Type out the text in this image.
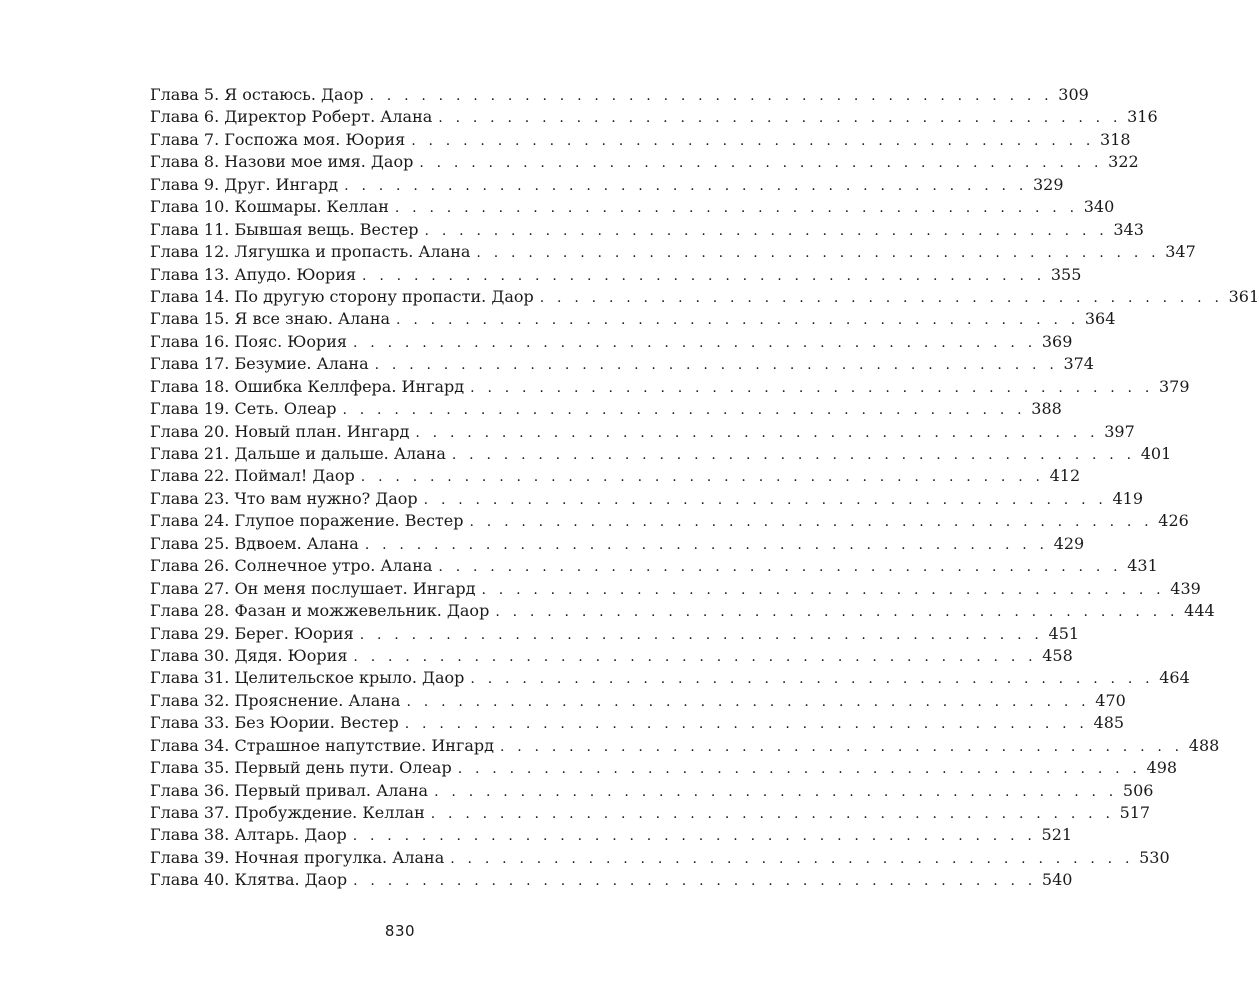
Глава 5. Я остаюсь. Даор . . . . . . . . . . . . . . . . . . . . . . . . . . . . . . . . . . . . . . . . 309
Глава 6. Директор Роберт. Алана . . . . . . . . . . . . . . . . . . . . . . . . . . . . . . . . . . . . . . . . 316
Глава 7. Госпожа моя. Юория . . . . . . . . . . . . . . . . . . . . . . . . . . . . . . . . . . . . . . . . 318
Глава 8. Назови мое имя. Даор . . . . . . . . . . . . . . . . . . . . . . . . . . . . . . . . . . . . . . . . 322
Глава 9. Друг. Ингард . . . . . . . . . . . . . . . . . . . . . . . . . . . . . . . . . . . . . . . . 329
Глава 10. Кошмары. Келлан . . . . . . . . . . . . . . . . . . . . . . . . . . . . . . . . . . . . . . . . 340
Глава 11. Бывшая вещь. Вестер . . . . . . . . . . . . . . . . . . . . . . . . . . . . . . . . . . . . . . . . 343
Глава 12. Лягушка и пропасть. Алана . . . . . . . . . . . . . . . . . . . . . . . . . . . . . . . . . . . . . . . . 347
Глава 13. Апудо. Юория . . . . . . . . . . . . . . . . . . . . . . . . . . . . . . . . . . . . . . . . 355
Глава 14. По другую сторону пропасти. Даор . . . . . . . . . . . . . . . . . . . . . . . . . . . . . . . . . . . . . . . . 361
Глава 15. Я все знаю. Алана . . . . . . . . . . . . . . . . . . . . . . . . . . . . . . . . . . . . . . . . 364
Глава 16. Пояс. Юория . . . . . . . . . . . . . . . . . . . . . . . . . . . . . . . . . . . . . . . . 369
Глава 17. Безумие. Алана . . . . . . . . . . . . . . . . . . . . . . . . . . . . . . . . . . . . . . . . 374
Глава 18. Ошибка Келлфера. Ингард . . . . . . . . . . . . . . . . . . . . . . . . . . . . . . . . . . . . . . . . 379
Глава 19. Сеть. Олеар . . . . . . . . . . . . . . . . . . . . . . . . . . . . . . . . . . . . . . . . 388
Глава 20. Новый план. Ингард . . . . . . . . . . . . . . . . . . . . . . . . . . . . . . . . . . . . . . . . 397
Глава 21. Дальше и дальше. Алана . . . . . . . . . . . . . . . . . . . . . . . . . . . . . . . . . . . . . . . . 401
Глава 22. Поймал! Даор . . . . . . . . . . . . . . . . . . . . . . . . . . . . . . . . . . . . . . . . 412
Глава 23. Что вам нужно? Даор . . . . . . . . . . . . . . . . . . . . . . . . . . . . . . . . . . . . . . . . 419
Глава 24. Глупое поражение. Вестер . . . . . . . . . . . . . . . . . . . . . . . . . . . . . . . . . . . . . . . . 426
Глава 25. Вдвоем. Алана . . . . . . . . . . . . . . . . . . . . . . . . . . . . . . . . . . . . . . . . 429
Глава 26. Солнечное утро. Алана . . . . . . . . . . . . . . . . . . . . . . . . . . . . . . . . . . . . . . . . 431
Глава 27. Он меня послушает. Ингард . . . . . . . . . . . . . . . . . . . . . . . . . . . . . . . . . . . . . . . . 439
Глава 28. Фазан и можжевельник. Даор . . . . . . . . . . . . . . . . . . . . . . . . . . . . . . . . . . . . . . . . 444
Глава 29. Берег. Юория . . . . . . . . . . . . . . . . . . . . . . . . . . . . . . . . . . . . . . . . 451
Глава 30. Дядя. Юория . . . . . . . . . . . . . . . . . . . . . . . . . . . . . . . . . . . . . . . . 458
Глава 31. Целительское крыло. Даор . . . . . . . . . . . . . . . . . . . . . . . . . . . . . . . . . . . . . . . . 464
Глава 32. Прояснение. Алана . . . . . . . . . . . . . . . . . . . . . . . . . . . . . . . . . . . . . . . . 470
Глава 33. Без Юории. Вестер . . . . . . . . . . . . . . . . . . . . . . . . . . . . . . . . . . . . . . . . 485
Глава 34. Страшное напутствие. Ингард . . . . . . . . . . . . . . . . . . . . . . . . . . . . . . . . . . . . . . . . 488
Глава 35. Первый день пути. Олеар . . . . . . . . . . . . . . . . . . . . . . . . . . . . . . . . . . . . . . . . 498
Глава 36. Первый привал. Алана . . . . . . . . . . . . . . . . . . . . . . . . . . . . . . . . . . . . . . . . 506
Глава 37. Пробуждение. Келлан . . . . . . . . . . . . . . . . . . . . . . . . . . . . . . . . . . . . . . . . 517
Глава 38. Алтарь. Даор . . . . . . . . . . . . . . . . . . . . . . . . . . . . . . . . . . . . . . . . 521
Глава 39. Ночная прогулка. Алана . . . . . . . . . . . . . . . . . . . . . . . . . . . . . . . . . . . . . . . . 530
Глава 40. Клятва. Даор . . . . . . . . . . . . . . . . . . . . . . . . . . . . . . . . . . . . . . . . 540
830
